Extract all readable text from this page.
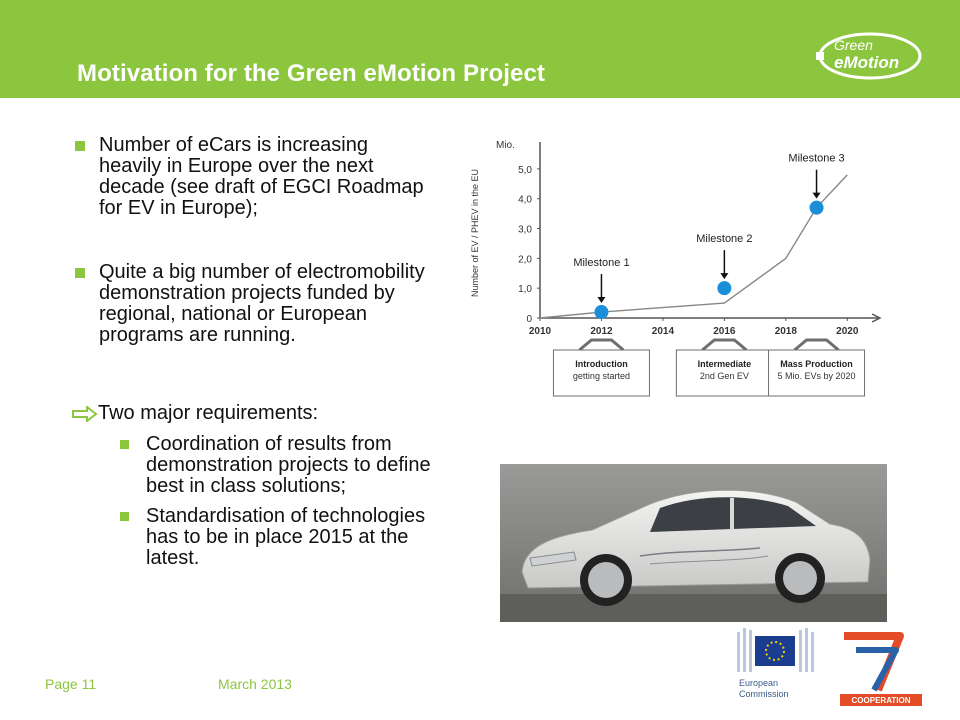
Motivation for the Green eMotion Project
Green
eMotion
Number of eCars is increasing heavily in Europe over the next decade (see draft of EGCI Roadmap for EV in Europe);
Quite a big number of electromobility demonstration projects funded by regional, national or European programs are running.
Two major requirements:
Coordination of results from demonstration projects to define best in class solutions;
Standardisation of technologies has to be in place 2015 at the latest.
Mio.
Number of EV / PHEV in the EU
0
1,0
2,0
3,0
4,0
5,0
2010	2012	2014	2016	2018	2020
Milestone 1
Introduction
getting started
Milestone 2
Intermediate
2nd Gen EV
Milestone 3
Mass Production
5 Mio. EVs by 2020
Page 11	March 2013	European
Commission
COOPERATION
